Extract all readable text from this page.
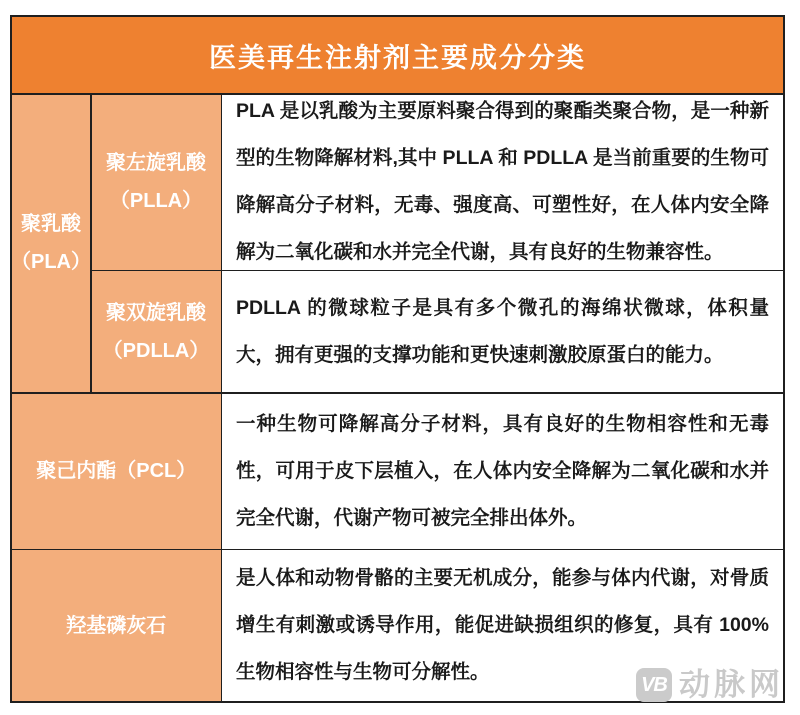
医美再生注射剂主要成分分类
聚乳酸（PLA）
聚左旋乳酸（PLLA）
PLA 是以乳酸为主要原料聚合得到的聚酯类聚合物，是一种新型的生物降解材料,其中 PLLA 和 PDLLA 是当前重要的生物可降解高分子材料，无毒、强度高、可塑性好，在人体内安全降解为二氧化碳和水并完全代谢，具有良好的生物兼容性。
聚双旋乳酸（PDLLA）
PDLLA 的微球粒子是具有多个微孔的海绵状微球，体积量大，拥有更强的支撑功能和更快速刺激胶原蛋白的能力。
聚己内酯（PCL）
一种生物可降解高分子材料，具有良好的生物相容性和无毒性，可用于皮下层植入，在人体内安全降解为二氧化碳和水并完全代谢，代谢产物可被完全排出体外。
羟基磷灰石
是人体和动物骨骼的主要无机成分，能参与体内代谢，对骨质增生有刺激或诱导作用，能促进缺损组织的修复，具有 100%生物相容性与生物可分解性。
VB 动脉网
